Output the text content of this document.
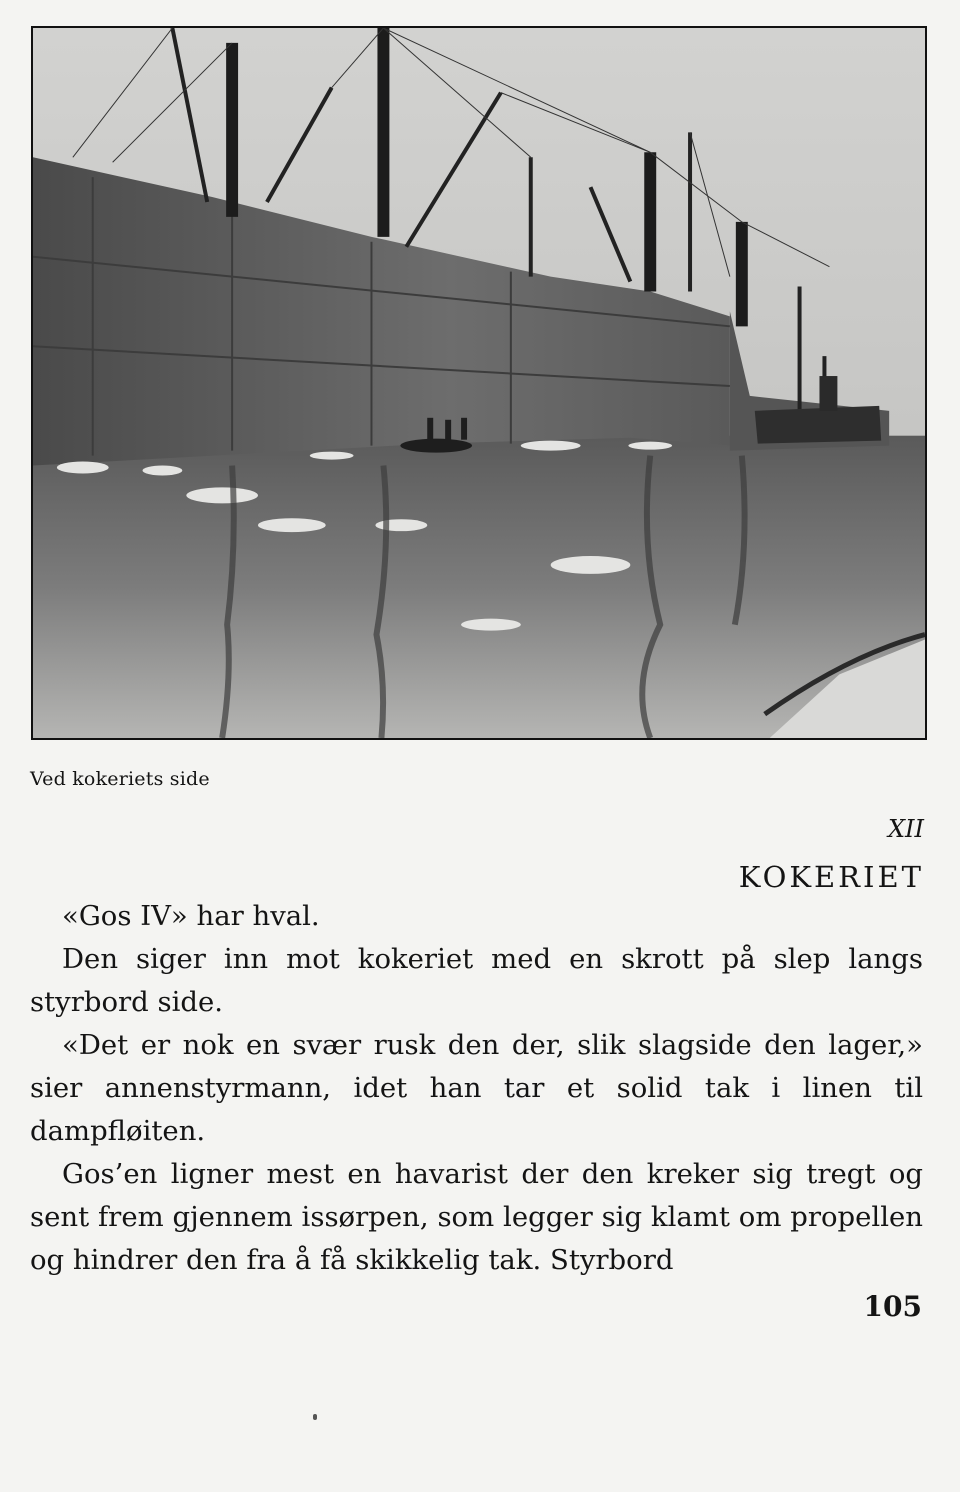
Ved kokeriets side
XII
KOKERIET

«Gos IV» har hval.

Den siger inn mot kokeriet med en skrott på slep langs styrbord side.

«Det er nok en svær rusk den der, slik slagside den lager,» sier annenstyrmann, idet han tar et solid tak i linen til dampfløiten.

Gos’en ligner mest en havarist der den kreker sig tregt og sent frem gjennem issørpen, som legger sig klamt om propellen og hindrer den fra å få skikkelig tak. Styrbord

105
